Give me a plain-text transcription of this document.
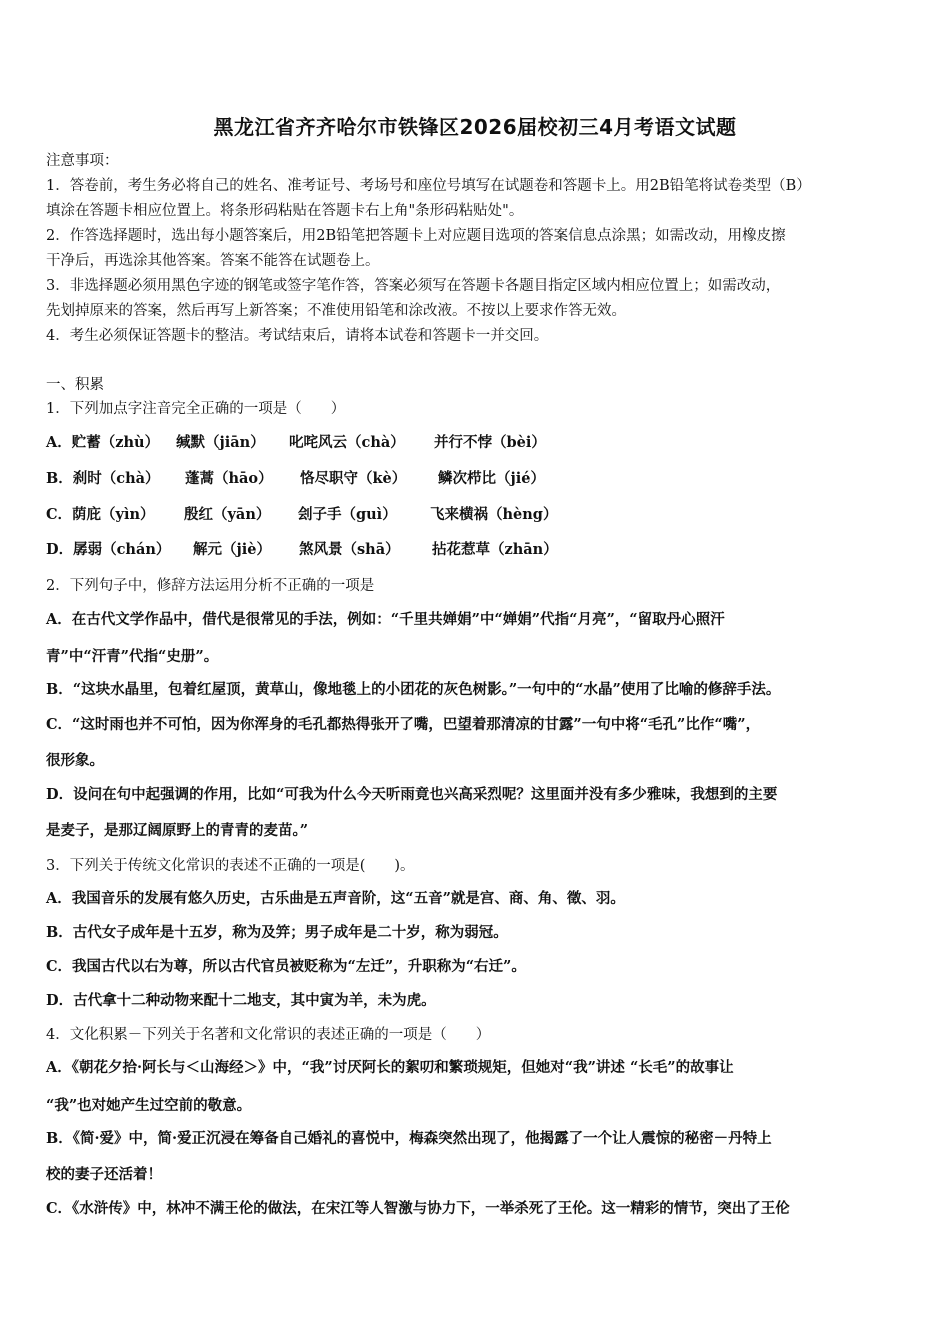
黑龙江省齐齐哈尔市铁锋区2026届校初三4月考语文试题
注意事项：
1．答卷前，考生务必将自己的姓名、准考证号、考场号和座位号填写在试题卷和答题卡上。用2B铅笔将试卷类型（B）
填涂在答题卡相应位置上。将条形码粘贴在答题卡右上角"条形码粘贴处"。
2．作答选择题时，选出每小题答案后，用2B铅笔把答题卡上对应题目选项的答案信息点涂黑；如需改动，用橡皮擦
干净后，再选涂其他答案。答案不能答在试题卷上。
3．非选择题必须用黑色字迹的钢笔或签字笔作答，答案必须写在答题卡各题目指定区域内相应位置上；如需改动，
先划掉原来的答案，然后再写上新答案；不准使用铅笔和涂改液。不按以上要求作答无效。
4．考生必须保证答题卡的整洁。考试结束后，请将本试卷和答题卡一并交回。
一、积累
1．下列加点字注音完全正确的一项是（　　）
A．贮蓄（zhù） 缄默（jiān） 叱咤风云（chà） 并行不悖（bèi）
B．刹时（chà） 蓬蒿（hāo） 恪尽职守（kè） 鳞次栉比（jié）
C．荫庇（yìn） 殷红（yān） 刽子手（guì） 飞来横祸（hèng）
D．孱弱（chán） 解元（jiè） 煞风景（shā） 拈花惹草（zhān）
2．下列句子中，修辞方法运用分析不正确的一项是
A．在古代文学作品中，借代是很常见的手法，例如：“千里共婵娟”中“婵娟”代指“月亮”，“留取丹心照汗
青”中“汗青”代指“史册”。
B．“这块水晶里，包着红屋顶，黄草山，像地毯上的小团花的灰色树影。”一句中的“水晶”使用了比喻的修辞手法。
C．“这时雨也并不可怕，因为你浑身的毛孔都热得张开了嘴，巴望着那清凉的甘露”一句中将“毛孔”比作“嘴”，
很形象。
D．设问在句中起强调的作用，比如“可我为什么今天听雨竟也兴高采烈呢？这里面并没有多少雅味，我想到的主要
是麦子，是那辽阔原野上的青青的麦苗。”
3．下列关于传统文化常识的表述不正确的一项是(　　)。
A．我国音乐的发展有悠久历史，古乐曲是五声音阶，这“五音”就是宫、商、角、徵、羽。
B．古代女子成年是十五岁，称为及笄；男子成年是二十岁，称为弱冠。
C．我国古代以右为尊，所以古代官员被贬称为“左迁”，升职称为“右迁”。
D．古代拿十二种动物来配十二地支，其中寅为羊，未为虎。
4．文化积累－下列关于名著和文化常识的表述正确的一项是（　　）
A．《朝花夕拾·阿长与＜山海经＞》中，“我”讨厌阿长的絮叨和繁琐规矩，但她对“我”讲述 “长毛”的故事让
“我”也对她产生过空前的敬意。
B．《简·爱》中，简·爱正沉浸在筹备自己婚礼的喜悦中，梅森突然出现了，他揭露了一个让人震惊的秘密－丹特上
校的妻子还活着！
C．《水浒传》中，林冲不满王伦的做法，在宋江等人智激与协力下，一举杀死了王伦。这一精彩的情节，突出了王伦
